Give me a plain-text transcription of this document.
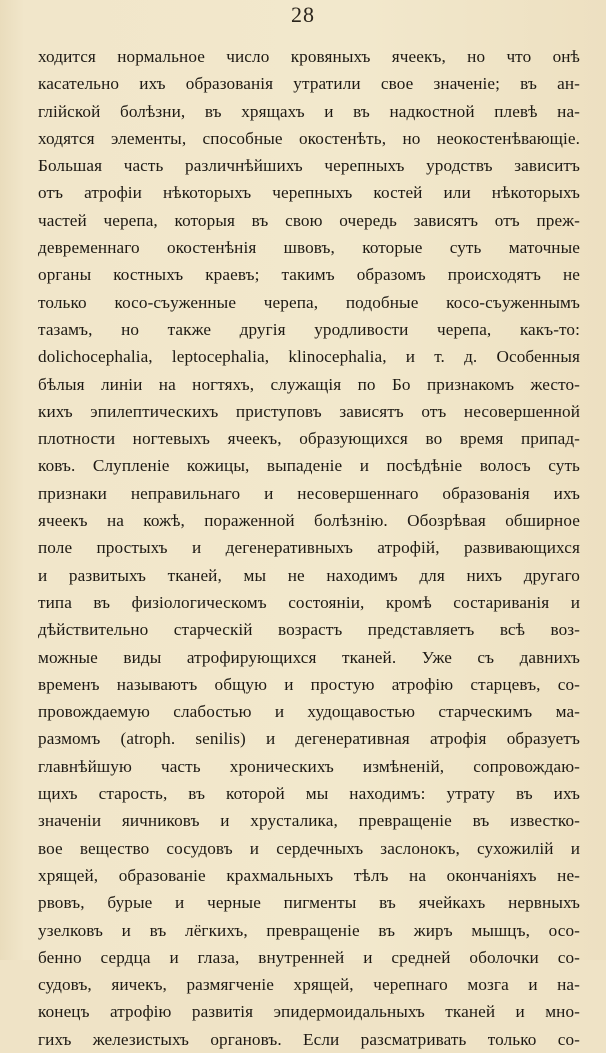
28
ходится нормальное число кровяныхъ ячеекъ, но что онѣ
касательно ихъ образованія утратили свое значеніе; въ ан-
глійской болѣзни, въ хрящахъ и въ надкостной плевѣ на-
ходятся элементы, способные окостенѣть, но неокостенѣвающіе.
Большая часть различнѣйшихъ черепныхъ уродствъ зависитъ
отъ атрофіи нѣкоторыхъ черепныхъ костей или нѣкоторыхъ
частей черепа, которыя въ свою очередь зависятъ отъ преж-
девременнаго окостенѣнія швовъ, которые суть маточные
органы костныхъ краевъ; такимъ образомъ происходятъ не
только косо-съуженные черепа, подобные косо-съуженнымъ
тазамъ, но также другія уродливости черепа, какъ-то:
dolichocephalia, leptocephalia, klinocephalia, и т. д. Особенныя
бѣлыя линіи на ногтяхъ, служащія по Бо признакомъ жесто-
кихъ эпилептическихъ приступовъ зависятъ отъ несовершенной
плотности ногтевыхъ ячеекъ, образующихся во время припад-
ковъ. Слупленіе кожицы, выпаденіе и посѣдѣніе волосъ суть
признаки неправильнаго и несовершеннаго образованія ихъ
ячеекъ на кожѣ, пораженной болѣзнію. Обозрѣвая обширное
поле простыхъ и дегенеративныхъ атрофій, развивающихся
и развитыхъ тканей, мы не находимъ для нихъ другаго
типа въ физіологическомъ состояніи, кромѣ состариванія и
дѣйствительно старческій возрастъ представляетъ всѣ воз-
можные виды атрофирующихся тканей. Уже съ давнихъ
временъ называютъ общую и простую атрофію старцевъ, со-
провождаемую слабостью и худощавостью старческимъ ма-
размомъ (atroph. senilis) и дегенеративная атрофія образуетъ
главнѣйшую часть хроническихъ измѣненій, сопровождаю-
щихъ старость, въ которой мы находимъ: утрату въ ихъ
значеніи яичниковъ и хрусталика, превращеніе въ известко-
вое вещество сосудовъ и сердечныхъ заслонокъ, сухожилій и
хрящей, образованіе крахмальныхъ тѣлъ на окончаніяхъ не-
рвовъ, бурые и черные пигменты въ ячейкахъ нервныхъ
узелковъ и въ лёгкихъ, превращеніе въ жиръ мышцъ, осо-
бенно сердца и глаза, внутренней и средней оболочки со-
судовъ, яичекъ, размягченіе хрящей, черепнаго мозга и на-
конецъ атрофію развитія эпидермоидальныхъ тканей и мно-
гихъ железистыхъ органовъ. Если разсматривать только со-
